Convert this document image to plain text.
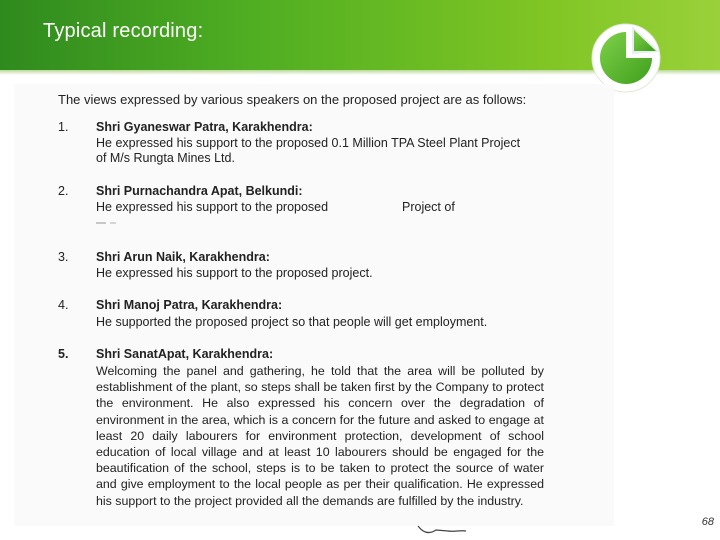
Typical recording:
The views expressed by various speakers on the proposed project are as follows:
1. Shri Gyaneswar Patra, Karakhendra:
He expressed his support to the proposed 0.1 Million TPA Steel Plant Project
of M/s Rungta Mines Ltd.
2. Shri Purnachandra Apat, Belkundi:
He expressed his support to the proposed	Project of
3. Shri Arun Naik, Karakhendra:
He expressed his support to the proposed project.
4. Shri Manoj Patra, Karakhendra:
He supported the proposed project so that people will get employment.
5. Shri SanatApat, Karakhendra:

Welcoming the panel and gathering, he told that the area will be polluted by establishment of the plant, so steps shall be taken first by the Company to protect the environment. He also expressed his concern over the degradation of environment in the area, which is a concern for the future and asked to engage at least 20 daily labourers for environment protection, development of school education of local village and at least 10 labourers should be engaged for the beautification of the school, steps is to be taken to protect the source of water and give employment to the local people as per their qualification. He expressed his support to the project provided all the demands are fulfilled by the industry.

68
